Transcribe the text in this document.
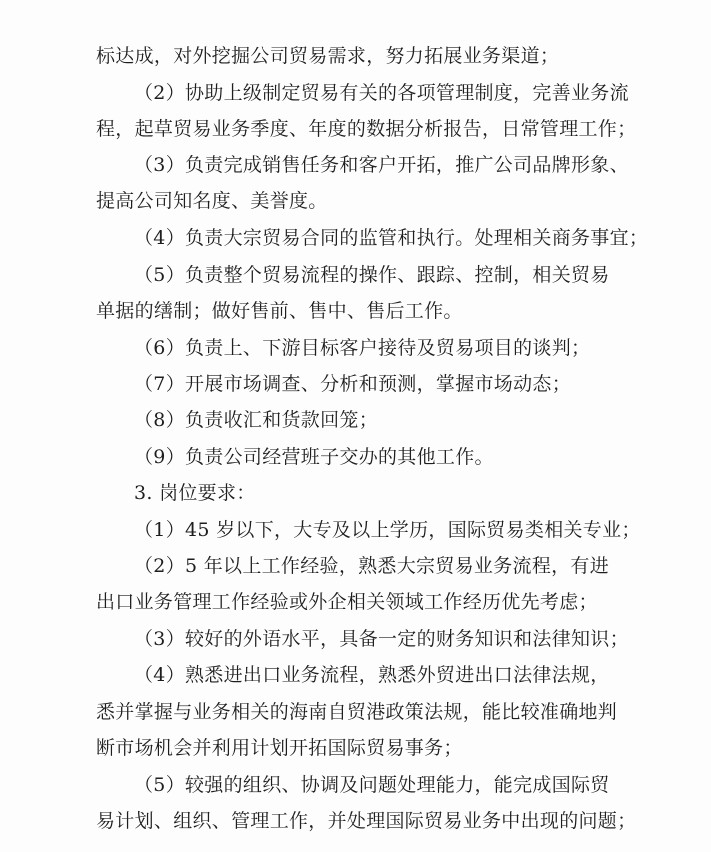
标达成，对外挖掘公司贸易需求，努力拓展业务渠道；
（2）协助上级制定贸易有关的各项管理制度，完善业务流
程，起草贸易业务季度、年度的数据分析报告，日常管理工作；
（3）负责完成销售任务和客户开拓，推广公司品牌形象、
提高公司知名度、美誉度。
（4）负责大宗贸易合同的监管和执行。处理相关商务事宜；
（5）负责整个贸易流程的操作、跟踪、控制，相关贸易
单据的缮制；做好售前、售中、售后工作。
（6）负责上、下游目标客户接待及贸易项目的谈判；
（7）开展市场调查、分析和预测，掌握市场动态；
（8）负责收汇和货款回笼；
（9）负责公司经营班子交办的其他工作。
3. 岗位要求：
（1）45 岁以下，大专及以上学历，国际贸易类相关专业；
（2）5 年以上工作经验，熟悉大宗贸易业务流程，有进
出口业务管理工作经验或外企相关领域工作经历优先考虑；
（3）较好的外语水平，具备一定的财务知识和法律知识；
（4）熟悉进出口业务流程，熟悉外贸进出口法律法规，
悉并掌握与业务相关的海南自贸港政策法规，能比较准确地判
断市场机会并利用计划开拓国际贸易事务；
（5）较强的组织、协调及问题处理能力，能完成国际贸
易计划、组织、管理工作，并处理国际贸易业务中出现的问题；
